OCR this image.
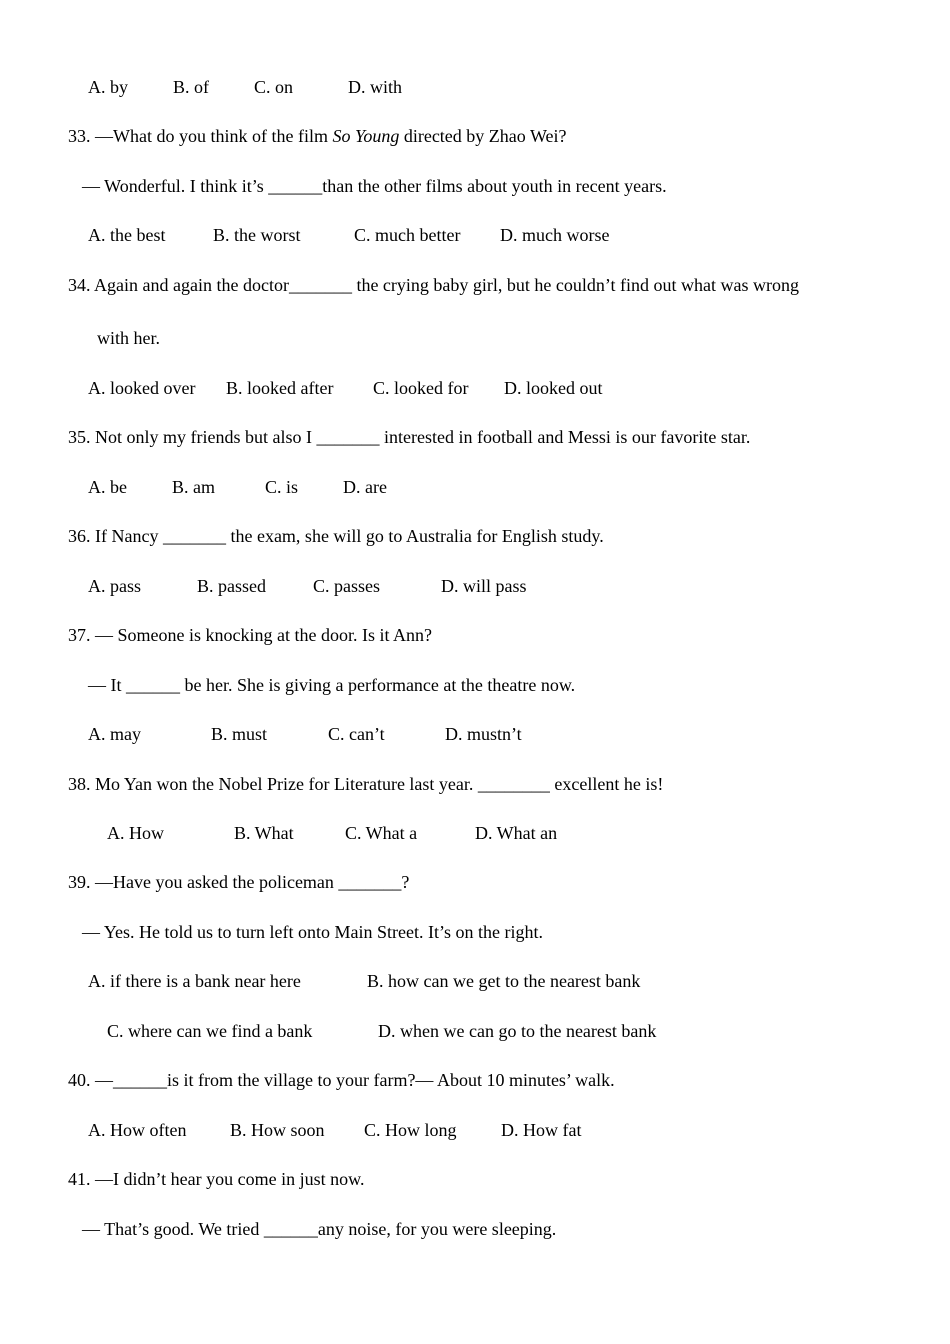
A. by	B. of	C. on	D. with
33. —What do you think of the film So Young directed by Zhao Wei?
— Wonderful. I think it’s ______than the other films about youth in recent years.
A. the best	B. the worst	C. much better D. much worse
34. Again and again the doctor_______ the crying baby girl, but he couldn’t find out what was wrong
with her.
A. looked over B. looked after C. looked for D. looked out
35. Not only my friends but also I _______ interested in football and Messi is our favorite star.
A. be	B. am	C. is D. are
36. If Nancy _______ the exam, she will go to Australia for English study.
A. pass	B. passed	C. passes	D. will pass
37. — Someone is knocking at the door. Is it Ann?
— It ______ be her. She is giving a performance at the theatre now.
A. may	B. must	C. can’t	D. mustn’t
38. Mo Yan won the Nobel Prize for Literature last year. ________ excellent he is!
A. How	B. What	C. What a	D. What an
39. —Have you asked the policeman _______?
— Yes. He told us to turn left onto Main Street. It’s on the right.
A. if there is a bank near here	B. how can we get to the nearest bank
C. where can we find a bank	D. when we can go to the nearest bank
40. —______is it from the village to your farm?— About 10 minutes’ walk.
A. How often B. How soon C. How long D. How fat
41. —I didn’t hear you come in just now.
— That’s good. We tried ______any noise, for you were sleeping.
